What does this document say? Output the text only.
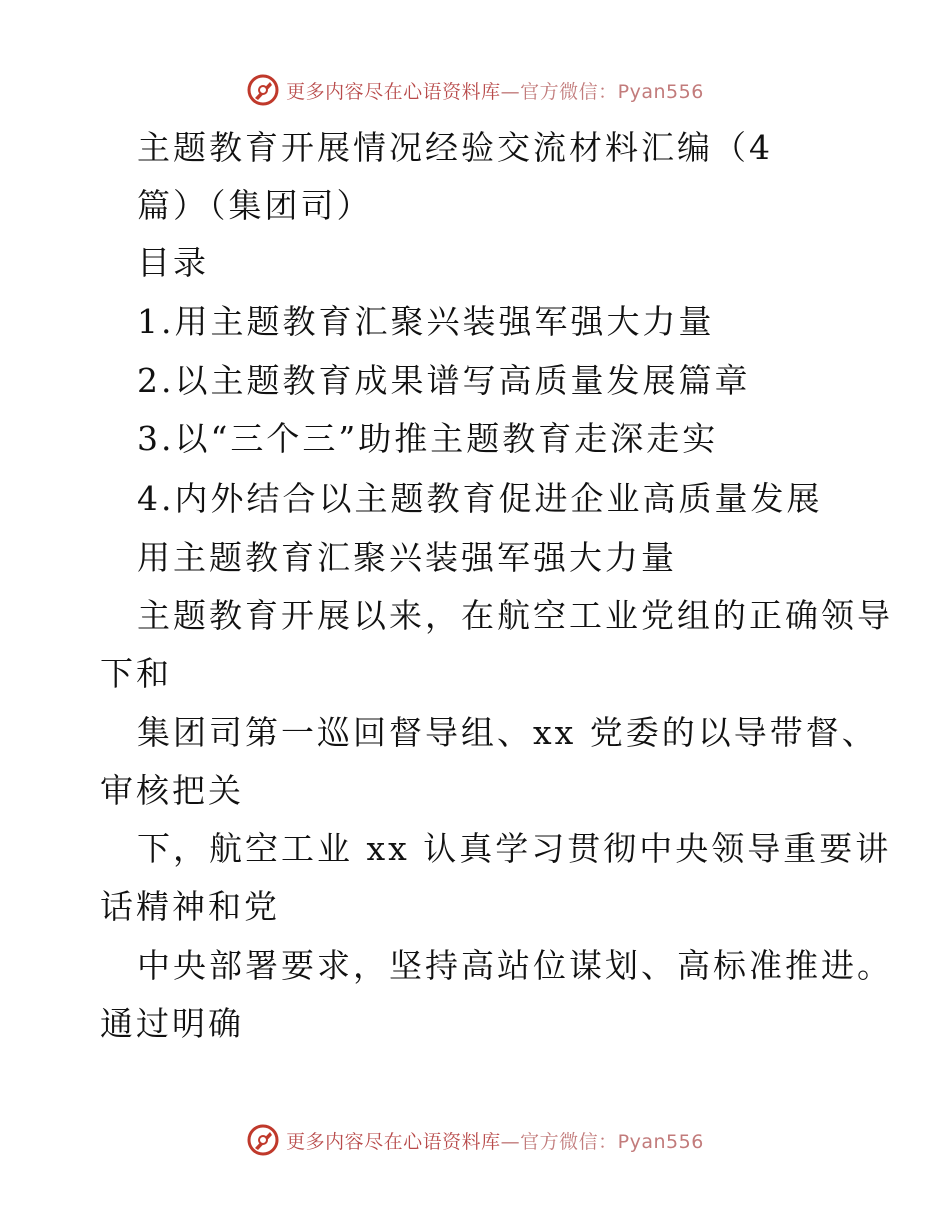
更多内容尽在心语资料库—官方微信：Pyan556
主题教育开展情况经验交流材料汇编（4
篇）（集团司）
目录
1.用主题教育汇聚兴装强军强大力量
2.以主题教育成果谱写高质量发展篇章
3.以“三个三”助推主题教育走深走实
4.内外结合以主题教育促进企业高质量发展
用主题教育汇聚兴装强军强大力量
主题教育开展以来，在航空工业党组的正确领导
下和
集团司第一巡回督导组、xx 党委的以导带督、
审核把关
下，航空工业 xx 认真学习贯彻中央领导重要讲
话精神和党
中央部署要求，坚持高站位谋划、高标准推进。
通过明确
更多内容尽在心语资料库—官方微信：Pyan556
